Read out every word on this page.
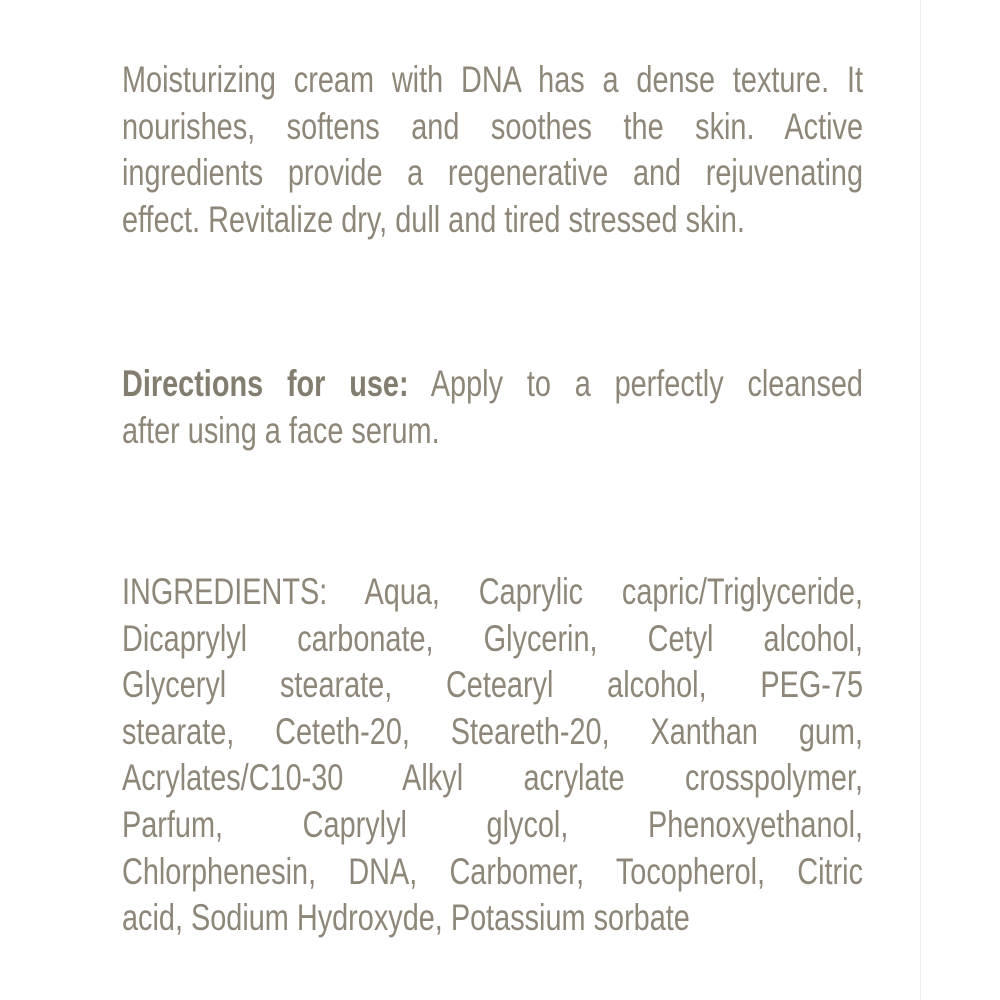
Moisturizing cream with DNA has a dense texture. It
nourishes, softens and soothes the skin. Active
ingredients provide a regenerative and rejuvenating
effect. Revitalize dry, dull and tired stressed skin.
Directions for use: Apply to a perfectly cleansed
after using a face serum.
INGREDIENTS: Aqua, Caprylic capric/Triglyceride,
Dicaprylyl carbonate, Glycerin, Cetyl alcohol,
Glyceryl stearate, Cetearyl alcohol, PEG-75
stearate, Ceteth-20, Steareth-20, Xanthan gum,
Acrylates/C10-30 Alkyl acrylate crosspolymer,
Parfum, Caprylyl glycol, Phenoxyethanol,
Chlorphenesin, DNA, Carbomer, Tocopherol, Citric
acid, Sodium Hydroxyde, Potassium sorbate
